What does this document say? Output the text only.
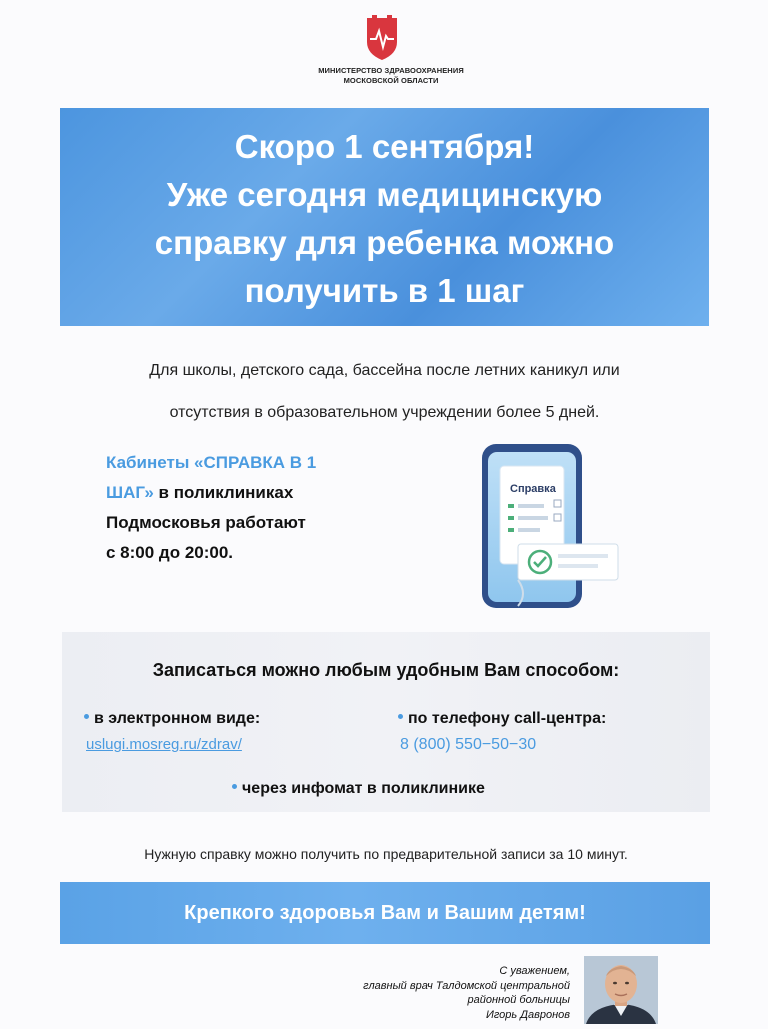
МИНИСТЕРСТВО ЗДРАВООХРАНЕНИЯ
МОСКОВСКОЙ ОБЛАСТИ
Скоро 1 сентября!
Уже сегодня медицинскую
справку для ребенка можно
получить в 1 шаг
Для школы, детского сада, бассейна после летних каникул или
отсутствия в образовательном учреждении более 5 дней.
Кабинеты «СПРАВКА В 1
ШАГ» в поликлиниках
Подмосковья работают
с 8:00 до 20:00.
Справка
Записаться можно любым удобным Вам способом:
в электронном виде:
uslugi.mosreg.ru/zdrav/
по телефону call-центра:
8 (800) 550−50−30
через инфомат в поликлинике
Нужную справку можно получить по предварительной записи за 10 минут.
Крепкого здоровья Вам и Вашим детям!
С уважением,
главный врач Талдомской центральной
районной больницы
Игорь Давронов
